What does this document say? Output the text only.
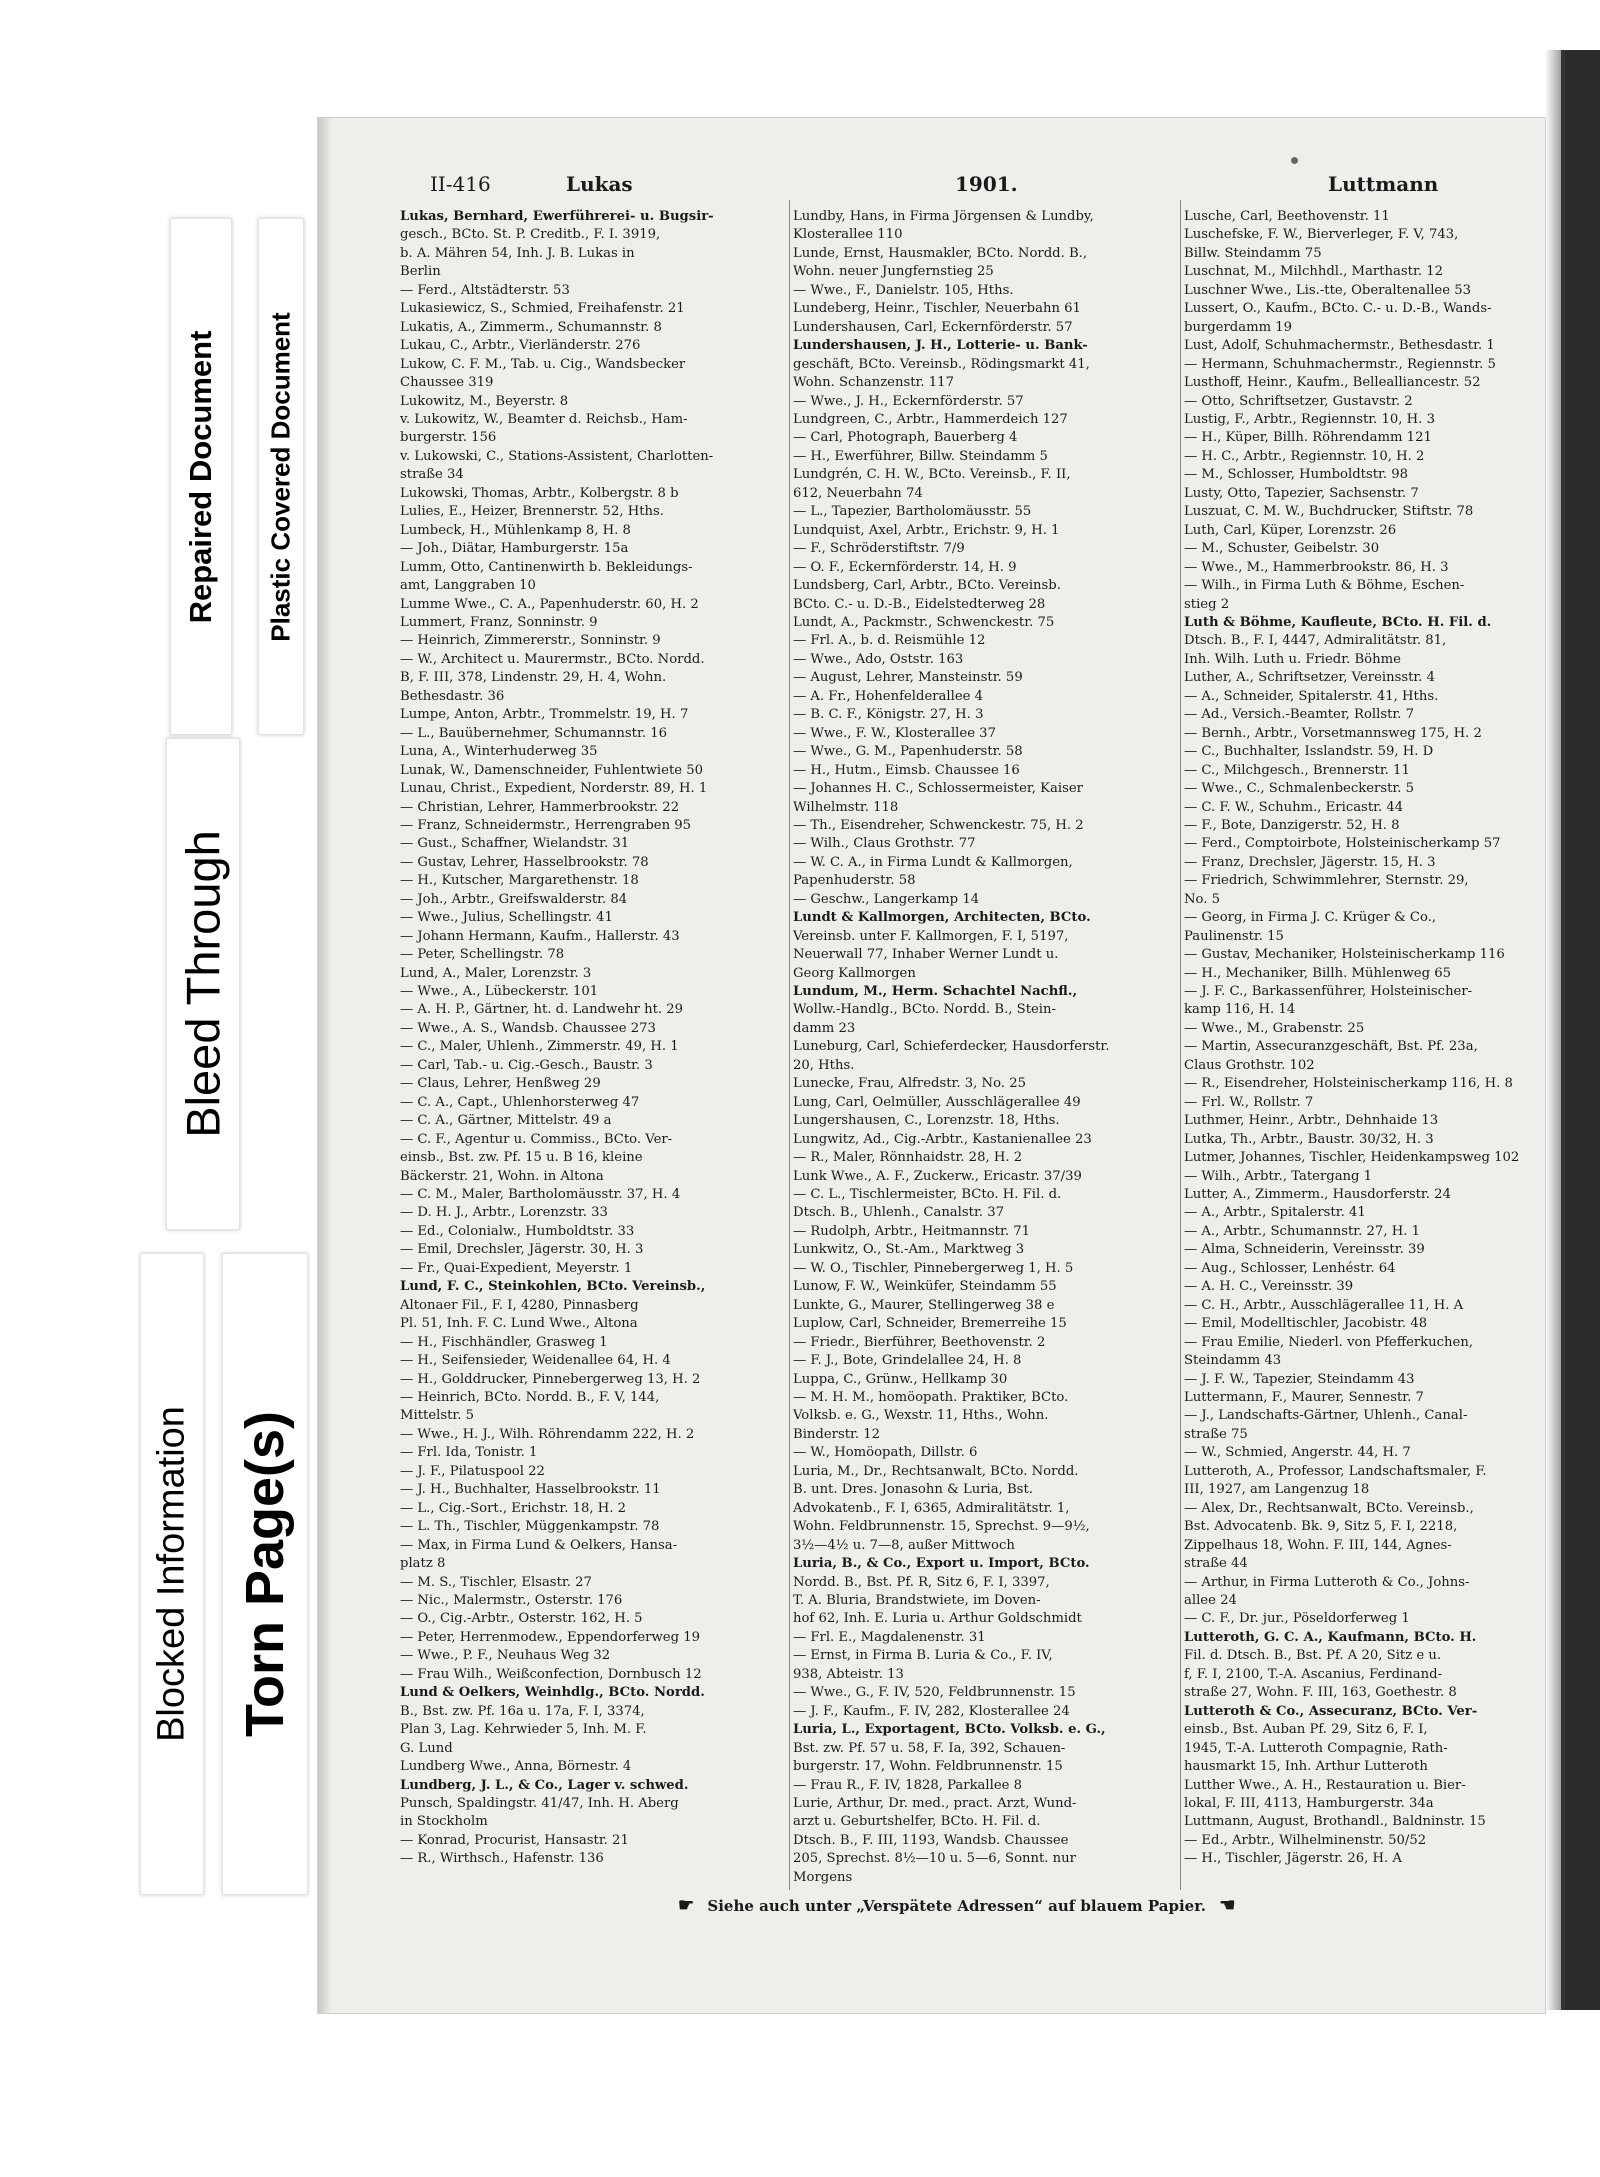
Repaired Document Plastic Covered Document
Bleed Through
Blocked Information Torn Page(s)
II-416	Lukas	1901.	Luttmann
Lukas, Bernhard, Ewerführerei- u. Bugsir-
gesch., BCto. St. P. Creditb., F. I. 3919,
b. A. Mähren 54, Inh. J. B. Lukas in
Berlin
— Ferd., Altstädterstr. 53
Lukasiewicz, S., Schmied, Freihafenstr. 21
Lukatis, A., Zimmerm., Schumannstr. 8
Lukau, C., Arbtr., Vierländerstr. 276
Lukow, C. F. M., Tab. u. Cig., Wandsbecker
Chaussee 319
Lukowitz, M., Beyerstr. 8
v. Lukowitz, W., Beamter d. Reichsb., Ham-
burgerstr. 156
v. Lukowski, C., Stations-Assistent, Charlotten-
straße 34
Lukowski, Thomas, Arbtr., Kolbergstr. 8 b
Lulies, E., Heizer, Brennerstr. 52, Hths.
Lumbeck, H., Mühlenkamp 8, H. 8
— Joh., Diätar, Hamburgerstr. 15a
Lumm, Otto, Cantinenwirth b. Bekleidungs-
amt, Langgraben 10
Lumme Wwe., C. A., Papenhuderstr. 60, H. 2
Lummert, Franz, Sonninstr. 9
— Heinrich, Zimmererstr., Sonninstr. 9
— W., Architect u. Maurermstr., BCto. Nordd.
B, F. III, 378, Lindenstr. 29, H. 4, Wohn.
Bethesdastr. 36
Lumpe, Anton, Arbtr., Trommelstr. 19, H. 7
— L., Bauübernehmer, Schumannstr. 16
Luna, A., Winterhuderweg 35
Lunak, W., Damenschneider, Fuhlentwiete 50
Lunau, Christ., Expedient, Norderstr. 89, H. 1
— Christian, Lehrer, Hammerbrookstr. 22
— Franz, Schneidermstr., Herrengraben 95
— Gust., Schaffner, Wielandstr. 31
— Gustav, Lehrer, Hasselbrookstr. 78
— H., Kutscher, Margarethenstr. 18
— Joh., Arbtr., Greifswalderstr. 84
— Wwe., Julius, Schellingstr. 41
— Johann Hermann, Kaufm., Hallerstr. 43
— Peter, Schellingstr. 78
Lund, A., Maler, Lorenzstr. 3
— Wwe., A., Lübeckerstr. 101
— A. H. P., Gärtner, ht. d. Landwehr ht. 29
— Wwe., A. S., Wandsb. Chaussee 273
— C., Maler, Uhlenh., Zimmerstr. 49, H. 1
— Carl, Tab.- u. Cig.-Gesch., Baustr. 3
— Claus, Lehrer, Henßweg 29
— C. A., Capt., Uhlenhorsterweg 47
— C. A., Gärtner, Mittelstr. 49 a
— C. F., Agentur u. Commiss., BCto. Ver-
einsb., Bst. zw. Pf. 15 u. B 16, kleine
Bäckerstr. 21, Wohn. in Altona
— C. M., Maler, Bartholomäusstr. 37, H. 4
— D. H. J., Arbtr., Lorenzstr. 33
— Ed., Colonialw., Humboldtstr. 33
— Emil, Drechsler, Jägerstr. 30, H. 3
— Fr., Quai-Expedient, Meyerstr. 1
Lund, F. C., Steinkohlen, BCto. Vereinsb.,
Altonaer Fil., F. I, 4280, Pinnasberg
Pl. 51, Inh. F. C. Lund Wwe., Altona
— H., Fischhändler, Grasweg 1
— H., Seifensieder, Weidenallee 64, H. 4
— H., Golddrucker, Pinnebergerweg 13, H. 2
— Heinrich, BCto. Nordd. B., F. V, 144,
Mittelstr. 5
— Wwe., H. J., Wilh. Röhrendamm 222, H. 2
— Frl. Ida, Tonistr. 1
— J. F., Pilatuspool 22
— J. H., Buchhalter, Hasselbrookstr. 11
— L., Cig.-Sort., Erichstr. 18, H. 2
— L. Th., Tischler, Müggenkampstr. 78
— Max, in Firma Lund & Oelkers, Hansa-
platz 8
— M. S., Tischler, Elsastr. 27
— Nic., Malermstr., Osterstr. 176
— O., Cig.-Arbtr., Osterstr. 162, H. 5
— Peter, Herrenmodew., Eppendorferweg 19
— Wwe., P. F., Neuhaus Weg 32
— Frau Wilh., Weißconfection, Dornbusch 12
Lund & Oelkers, Weinhdlg., BCto. Nordd.
B., Bst. zw. Pf. 16a u. 17a, F. I, 3374,
Plan 3, Lag. Kehrwieder 5, Inh. M. F.
G. Lund
Lundberg Wwe., Anna, Börnestr. 4
Lundberg, J. L., & Co., Lager v. schwed.
Punsch, Spaldingstr. 41/47, Inh. H. Aberg
in Stockholm
— Konrad, Procurist, Hansastr. 21
— R., Wirthsch., Hafenstr. 136
Lundby, Hans, in Firma Jörgensen & Lundby,
Klosterallee 110
Lunde, Ernst, Hausmakler, BCto. Nordd. B.,
Wohn. neuer Jungfernstieg 25
— Wwe., F., Danielstr. 105, Hths.
Lundeberg, Heinr., Tischler, Neuerbahn 61
Lundershausen, Carl, Eckernförderstr. 57
Lundershausen, J. H., Lotterie- u. Bank-
geschäft, BCto. Vereinsb., Rödingsmarkt 41,
Wohn. Schanzenstr. 117
— Wwe., J. H., Eckernförderstr. 57
Lundgreen, C., Arbtr., Hammerdeich 127
— Carl, Photograph, Bauerberg 4
— H., Ewerführer, Billw. Steindamm 5
Lundgrén, C. H. W., BCto. Vereinsb., F. II,
612, Neuerbahn 74
— L., Tapezier, Bartholomäusstr. 55
Lundquist, Axel, Arbtr., Erichstr. 9, H. 1
— F., Schröderstiftstr. 7/9
— O. F., Eckernförderstr. 14, H. 9
Lundsberg, Carl, Arbtr., BCto. Vereinsb.
BCto. C.- u. D.-B., Eidelstedterweg 28
Lundt, A., Packmstr., Schwenckestr. 75
— Frl. A., b. d. Reismühle 12
— Wwe., Ado, Oststr. 163
— August, Lehrer, Mansteinstr. 59
— A. Fr., Hohenfelderallee 4
— B. C. F., Königstr. 27, H. 3
— Wwe., F. W., Klosterallee 37
— Wwe., G. M., Papenhuderstr. 58
— H., Hutm., Eimsb. Chaussee 16
— Johannes H. C., Schlossermeister, Kaiser
Wilhelmstr. 118
— Th., Eisendreher, Schwenckestr. 75, H. 2
— Wilh., Claus Grothstr. 77
— W. C. A., in Firma Lundt & Kallmorgen,
Papenhuderstr. 58
— Geschw., Langerkamp 14
Lundt & Kallmorgen, Architecten, BCto.
Vereinsb. unter F. Kallmorgen, F. I, 5197,
Neuerwall 77, Inhaber Werner Lundt u.
Georg Kallmorgen
Lundum, M., Herm. Schachtel Nachfl.,
Wollw.-Handlg., BCto. Nordd. B., Stein-
damm 23
Luneburg, Carl, Schieferdecker, Hausdorferstr.
20, Hths.
Lunecke, Frau, Alfredstr. 3, No. 25
Lung, Carl, Oelmüller, Ausschlägerallee 49
Lungershausen, C., Lorenzstr. 18, Hths.
Lungwitz, Ad., Cig.-Arbtr., Kastanienallee 23
— R., Maler, Rönnhaidstr. 28, H. 2
Lunk Wwe., A. F., Zuckerw., Ericastr. 37/39
— C. L., Tischlermeister, BCto. H. Fil. d.
Dtsch. B., Uhlenh., Canalstr. 37
— Rudolph, Arbtr., Heitmannstr. 71
Lunkwitz, O., St.-Am., Marktweg 3
— W. O., Tischler, Pinnebergerweg 1, H. 5
Lunow, F. W., Weinküfer, Steindamm 55
Lunkte, G., Maurer, Stellingerweg 38 e
Luplow, Carl, Schneider, Bremerreihe 15
— Friedr., Bierführer, Beethovenstr. 2
— F. J., Bote, Grindelallee 24, H. 8
Luppa, C., Grünw., Hellkamp 30
— M. H. M., homöopath. Praktiker, BCto.
Volksb. e. G., Wexstr. 11, Hths., Wohn.
Binderstr. 12
— W., Homöopath, Dillstr. 6
Luria, M., Dr., Rechtsanwalt, BCto. Nordd.
B. unt. Dres. Jonasohn & Luria, Bst.
Advokatenb., F. I, 6365, Admiralitätstr. 1,
Wohn. Feldbrunnenstr. 15, Sprechst. 9—9½,
3½—4½ u. 7—8, außer Mittwoch
Luria, B., & Co., Export u. Import, BCto.
Nordd. B., Bst. Pf. R, Sitz 6, F. I, 3397,
T. A. Bluria, Brandstwiete, im Doven-
hof 62, Inh. E. Luria u. Arthur Goldschmidt
— Frl. E., Magdalenenstr. 31
— Ernst, in Firma B. Luria & Co., F. IV,
938, Abteistr. 13
— Wwe., G., F. IV, 520, Feldbrunnenstr. 15
— J. F., Kaufm., F. IV, 282, Klosterallee 24
Luria, L., Exportagent, BCto. Volksb. e. G.,
Bst. zw. Pf. 57 u. 58, F. Ia, 392, Schauen-
burgerstr. 17, Wohn. Feldbrunnenstr. 15
— Frau R., F. IV, 1828, Parkallee 8
Lurie, Arthur, Dr. med., pract. Arzt, Wund-
arzt u. Geburtshelfer, BCto. H. Fil. d.
Dtsch. B., F. III, 1193, Wandsb. Chaussee
205, Sprechst. 8½—10 u. 5—6, Sonnt. nur
Morgens
Lusche, Carl, Beethovenstr. 11
Luschefske, F. W., Bierverleger, F. V, 743,
Billw. Steindamm 75
Luschnat, M., Milchhdl., Marthastr. 12
Luschner Wwe., Lis.-tte, Oberaltenallee 53
Lussert, O., Kaufm., BCto. C.- u. D.-B., Wands-
burgerdamm 19
Lust, Adolf, Schuhmachermstr., Bethesdastr. 1
— Hermann, Schuhmachermstr., Regiennstr. 5
Lusthoff, Heinr., Kaufm., Bellealliancestr. 52
— Otto, Schriftsetzer, Gustavstr. 2
Lustig, F., Arbtr., Regiennstr. 10, H. 3
— H., Küper, Billh. Röhrendamm 121
— H. C., Arbtr., Regiennstr. 10, H. 2
— M., Schlosser, Humboldtstr. 98
Lusty, Otto, Tapezier, Sachsenstr. 7
Luszuat, C. M. W., Buchdrucker, Stiftstr. 78
Luth, Carl, Küper, Lorenzstr. 26
— M., Schuster, Geibelstr. 30
— Wwe., M., Hammerbrookstr. 86, H. 3
— Wilh., in Firma Luth & Böhme, Eschen-
stieg 2
Luth & Böhme, Kaufleute, BCto. H. Fil. d.
Dtsch. B., F. I, 4447, Admiralitätstr. 81,
Inh. Wilh. Luth u. Friedr. Böhme
Luther, A., Schriftsetzer, Vereinsstr. 4
— A., Schneider, Spitalerstr. 41, Hths.
— Ad., Versich.-Beamter, Rollstr. 7
— Bernh., Arbtr., Vorsetmannsweg 175, H. 2
— C., Buchhalter, Isslandstr. 59, H. D
— C., Milchgesch., Brennerstr. 11
— Wwe., C., Schmalenbeckerstr. 5
— C. F. W., Schuhm., Ericastr. 44
— F., Bote, Danzigerstr. 52, H. 8
— Ferd., Comptoirbote, Holsteinischerkamp 57
— Franz, Drechsler, Jägerstr. 15, H. 3
— Friedrich, Schwimmlehrer, Sternstr. 29,
No. 5
— Georg, in Firma J. C. Krüger & Co.,
Paulinenstr. 15
— Gustav, Mechaniker, Holsteinischerkamp 116
— H., Mechaniker, Billh. Mühlenweg 65
— J. F. C., Barkassenführer, Holsteinischer-
kamp 116, H. 14
— Wwe., M., Grabenstr. 25
— Martin, Assecuranzgeschäft, Bst. Pf. 23a,
Claus Grothstr. 102
— R., Eisendreher, Holsteinischerkamp 116, H. 8
— Frl. W., Rollstr. 7
Luthmer, Heinr., Arbtr., Dehnhaide 13
Lutka, Th., Arbtr., Baustr. 30/32, H. 3
Lutmer, Johannes, Tischler, Heidenkampsweg 102
— Wilh., Arbtr., Tatergang 1
Lutter, A., Zimmerm., Hausdorferstr. 24
— A., Arbtr., Spitalerstr. 41
— A., Arbtr., Schumannstr. 27, H. 1
— Alma, Schneiderin, Vereinsstr. 39
— Aug., Schlosser, Lenhéstr. 64
— A. H. C., Vereinsstr. 39
— C. H., Arbtr., Ausschlägerallee 11, H. A
— Emil, Modelltischler, Jacobistr. 48
— Frau Emilie, Niederl. von Pfefferkuchen,
Steindamm 43
— J. F. W., Tapezier, Steindamm 43
Luttermann, F., Maurer, Sennestr. 7
— J., Landschafts-Gärtner, Uhlenh., Canal-
straße 75
— W., Schmied, Angerstr. 44, H. 7
Lutteroth, A., Professor, Landschaftsmaler, F.
III, 1927, am Langenzug 18
— Alex, Dr., Rechtsanwalt, BCto. Vereinsb.,
Bst. Advocatenb. Bk. 9, Sitz 5, F. I, 2218,
Zippelhaus 18, Wohn. F. III, 144, Agnes-
straße 44
— Arthur, in Firma Lutteroth & Co., Johns-
allee 24
— C. F., Dr. jur., Pöseldorferweg 1
Lutteroth, G. C. A., Kaufmann, BCto. H.
Fil. d. Dtsch. B., Bst. Pf. A 20, Sitz e u.
f, F. I, 2100, T.-A. Ascanius, Ferdinand-
straße 27, Wohn. F. III, 163, Goethestr. 8
Lutteroth & Co., Assecuranz, BCto. Ver-
einsb., Bst. Auban Pf. 29, Sitz 6, F. I,
1945, T.-A. Lutteroth Compagnie, Rath-
hausmarkt 15, Inh. Arthur Lutteroth
Lutther Wwe., A. H., Restauration u. Bier-
lokal, F. III, 4113, Hamburgerstr. 34a
Luttmann, August, Brothandl., Baldninstr. 15
— Ed., Arbtr., Wilhelminenstr. 50/52
— H., Tischler, Jägerstr. 26, H. A
☛ Siehe auch unter „Verspätete Adressen“ auf blauem Papier. ☚
